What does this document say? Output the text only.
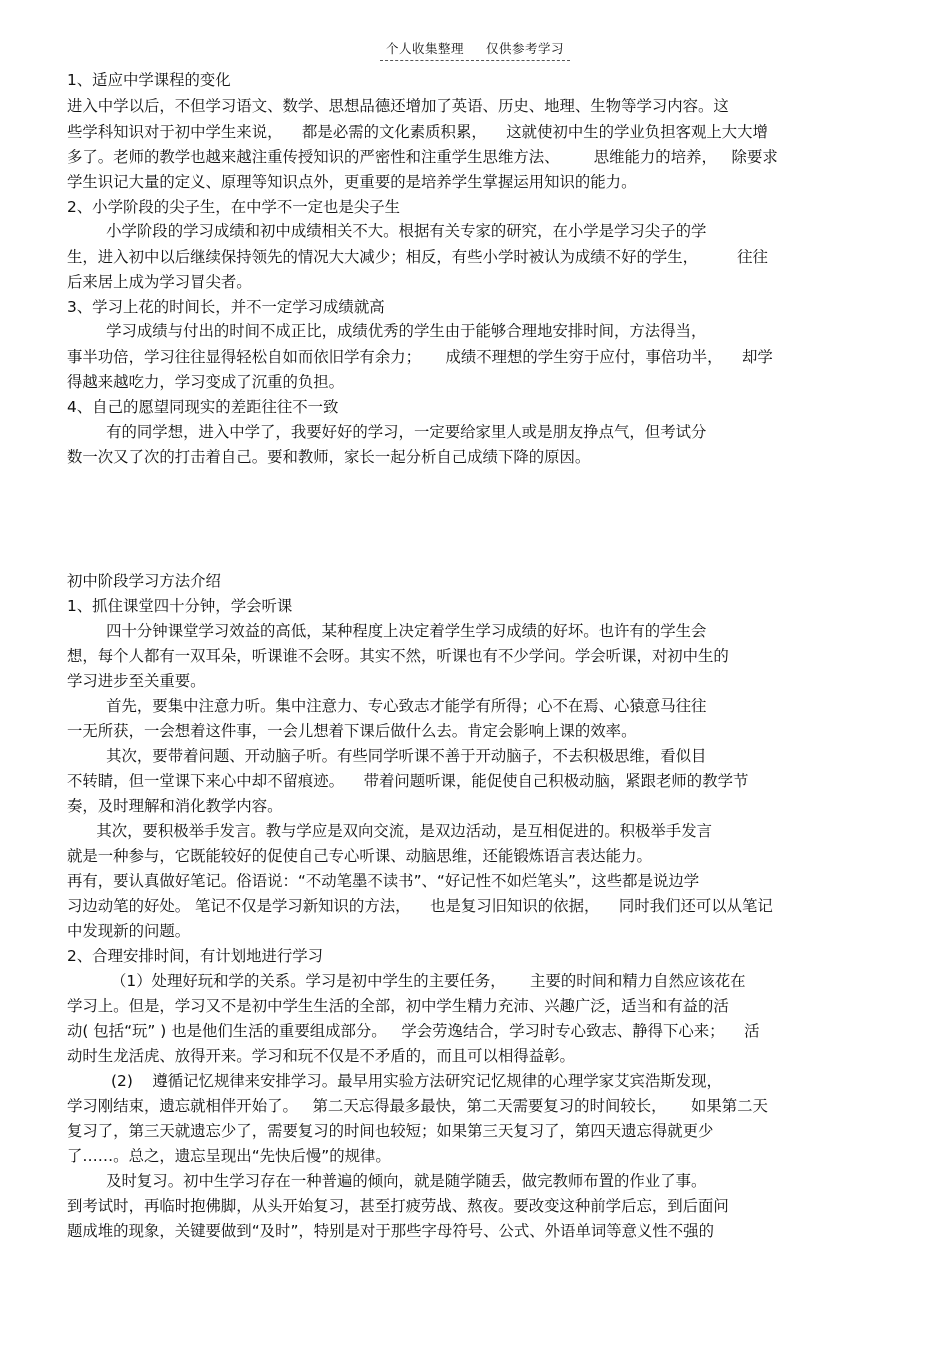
个人收集整理 仅供参考学习
1、适应中学课程的变化
进入中学以后，不但学习语文、数学、思想品德还增加了英语、历史、地理、生物等学习内容。这
些学科知识对于初中学生来说，    都是必需的文化素质积累，    这就使初中生的学业负担客观上大大增
多了。老师的教学也越来越注重传授知识的严密性和注重学生思维方法、       思维能力的培养，   除要求
学生识记大量的定义、原理等知识点外，更重要的是培养学生掌握运用知识的能力。
2、小学阶段的尖子生，在中学不一定也是尖子生
小学阶段的学习成绩和初中成绩相关不大。根据有关专家的研究，在小学是学习尖子的学
生，进入初中以后继续保持领先的情况大大减少；相反，有些小学时被认为成绩不好的学生，        往往
后来居上成为学习冒尖者。
3、学习上花的时间长，并不一定学习成绩就高
学习成绩与付出的时间不成正比，成绩优秀的学生由于能够合理地安排时间，方法得当，
事半功倍，学习往往显得轻松自如而依旧学有余力；     成绩不理想的学生穷于应付，事倍功半，    却学
得越来越吃力，学习变成了沉重的负担。
4、自己的愿望同现实的差距往往不一致
有的同学想，进入中学了，我要好好的学习，一定要给家里人或是朋友挣点气，但考试分
数一次又了次的打击着自己。要和教师，家长一起分析自己成绩下降的原因。
初中阶段学习方法介绍
1、抓住课堂四十分钟，学会听课
四十分钟课堂学习效益的高低，某种程度上决定着学生学习成绩的好坏。也许有的学生会
想，每个人都有一双耳朵，听课谁不会呀。其实不然，听课也有不少学问。学会听课，对初中生的
学习进步至关重要。
首先，要集中注意力听。集中注意力、专心致志才能学有所得；心不在焉、心猿意马往往
一无所获，一会想着这件事，一会儿想着下课后做什么去。肯定会影响上课的效率。
其次，要带着问题、开动脑子听。有些同学听课不善于开动脑子，不去积极思维，看似目
不转睛，但一堂课下来心中却不留痕迹。    带着问题听课，能促使自己积极动脑，紧跟老师的教学节
奏，及时理解和消化教学内容。
其次，要积极举手发言。教与学应是双向交流，是双边活动，是互相促进的。积极举手发言
就是一种参与，它既能较好的促使自己专心听课、动脑思维，还能锻炼语言表达能力。
再有，要认真做好笔记。俗语说：“不动笔墨不读书”、“好记性不如烂笔头”，这些都是说边学
习边动笔的好处。 笔记不仅是学习新知识的方法，    也是复习旧知识的依据，    同时我们还可以从笔记
中发现新的问题。
2、合理安排时间，有计划地进行学习
（1）处理好玩和学的关系。学习是初中学生的主要任务，     主要的时间和精力自然应该花在
学习上。但是，学习又不是初中学生生活的全部，初中学生精力充沛、兴趣广泛，适当和有益的活
动( 包括“玩” ) 也是他们生活的重要组成部分。   学会劳逸结合，学习时专心致志、静得下心来；    活
动时生龙活虎、放得开来。学习和玩不仅是不矛盾的，而且可以相得益彰。
(2)    遵循记忆规律来安排学习。最早用实验方法研究记忆规律的心理学家艾宾浩斯发现，
学习刚结束，遗忘就相伴开始了。   第二天忘得最多最快，第二天需要复习的时间较长，     如果第二天
复习了，第三天就遗忘少了，需要复习的时间也较短；如果第三天复习了，第四天遗忘得就更少
了……。总之，遗忘呈现出“先快后慢”的规律。
及时复习。初中生学习存在一种普遍的倾向，就是随学随丢，做完教师布置的作业了事。
到考试时，再临时抱佛脚，从头开始复习，甚至打疲劳战、熬夜。要改变这种前学后忘，到后面问
题成堆的现象，关键要做到“及时”，特别是对于那些字母符号、公式、外语单词等意义性不强的
